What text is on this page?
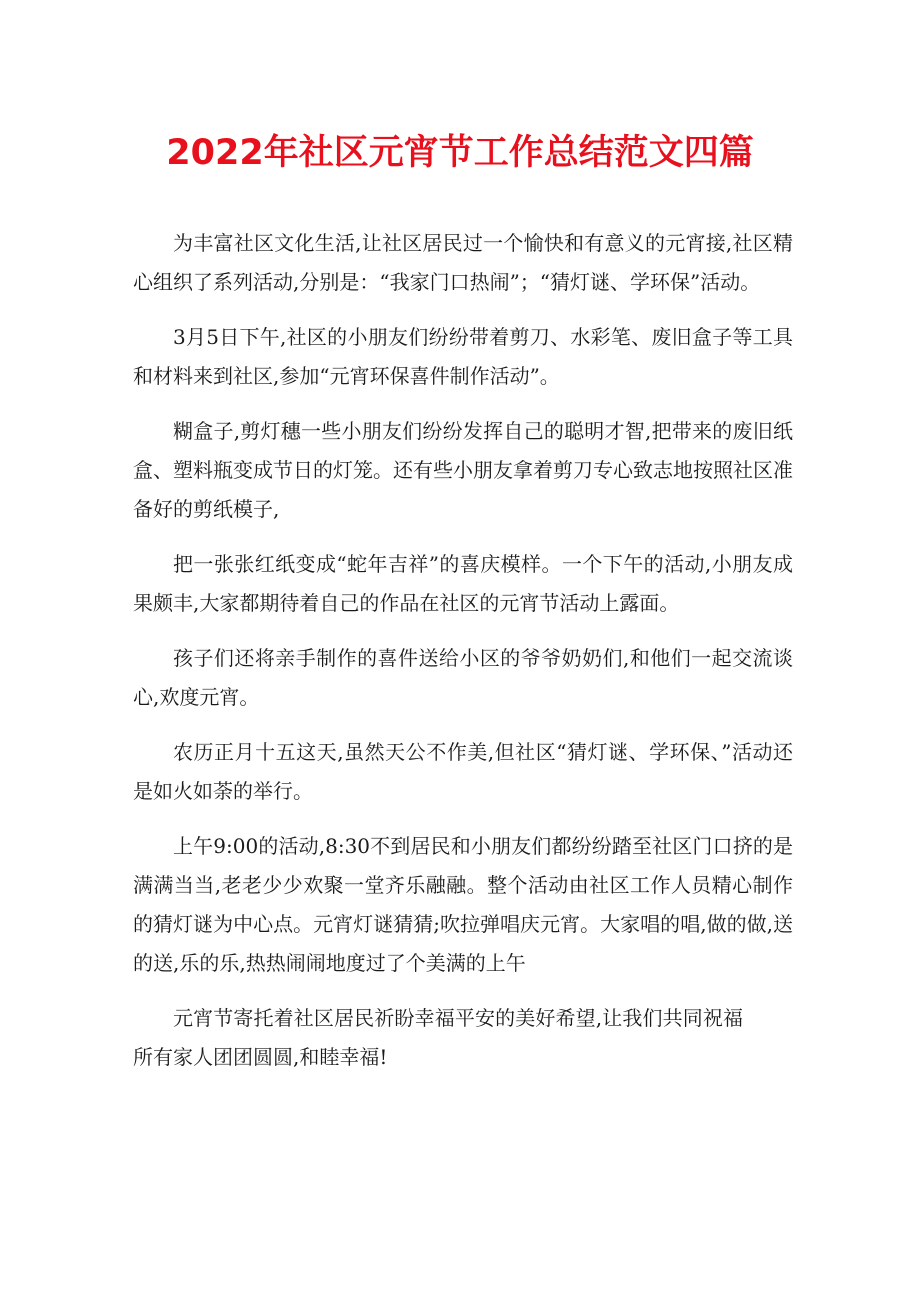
2022年社区元宵节工作总结范文四篇

为丰富社区文化生活,让社区居民过一个愉快和有意义的元宵接,社区精心组织了系列活动,分别是：“我家门口热闹”；“猜灯谜、学环保”活动。

3月5日下午,社区的小朋友们纷纷带着剪刀、水彩笔、废旧盒子等工具和材料来到社区,参加“元宵环保喜件制作活动”。

糊盒子,剪灯穗一些小朋友们纷纷发挥自己的聪明才智,把带来的废旧纸盒、塑料瓶变成节日的灯笼。还有些小朋友拿着剪刀专心致志地按照社区准备好的剪纸模子,

把一张张红纸变成“蛇年吉祥”的喜庆模样。一个下午的活动,小朋友成果颇丰,大家都期待着自己的作品在社区的元宵节活动上露面。

孩子们还将亲手制作的喜件送给小区的爷爷奶奶们,和他们一起交流谈心,欢度元宵。

农历正月十五这天,虽然天公不作美,但社区“猜灯谜、学环保、”活动还是如火如荼的举行。

上午9:00的活动,8:30不到居民和小朋友们都纷纷踏至社区门口挤的是满满当当,老老少少欢聚一堂齐乐融融。整个活动由社区工作人员精心制作的猜灯谜为中心点。元宵灯谜猜猜;吹拉弹唱庆元宵。大家唱的唱,做的做,送的送,乐的乐,热热闹闹地度过了个美满的上午

元宵节寄托着社区居民祈盼幸福平安的美好希望,让我们共同祝福所有家人团团圆圆,和睦幸福!
